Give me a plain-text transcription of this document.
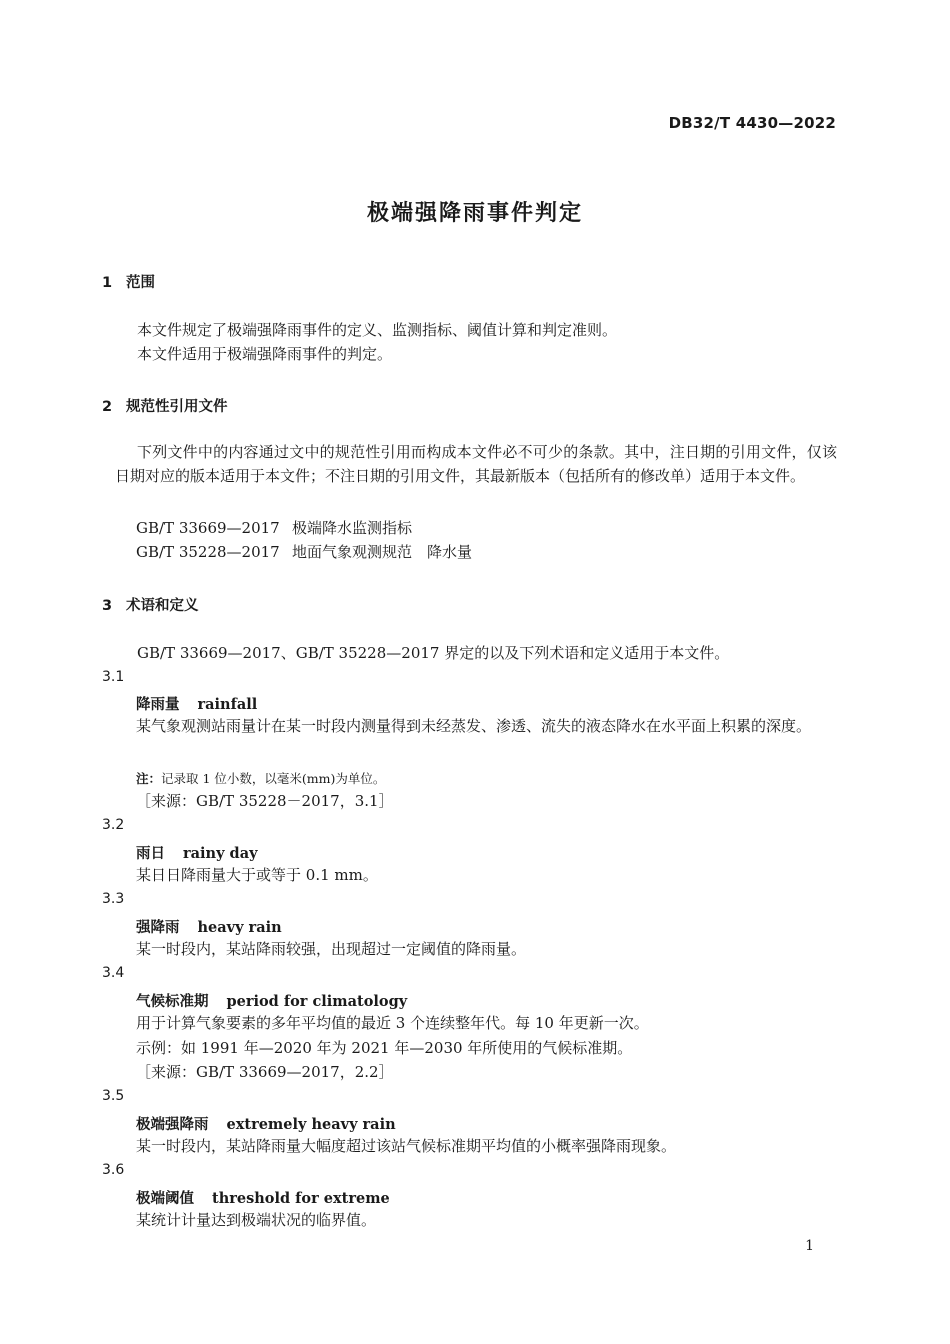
DB32/T 4430—2022
极端强降雨事件判定
1 范围
本文件规定了极端强降雨事件的定义、监测指标、阈值计算和判定准则。
本文件适用于极端强降雨事件的判定。
2 规范性引用文件
下列文件中的内容通过文中的规范性引用而构成本文件必不可少的条款。其中，注日期的引用文件，仅该日期对应的版本适用于本文件；不注日期的引用文件，其最新版本（包括所有的修改单）适用于本文件。
GB/T 33669—2017 极端降水监测指标
GB/T 35228—2017 地面气象观测规范　降水量
3 术语和定义
GB/T 33669—2017、GB/T 35228—2017 界定的以及下列术语和定义适用于本文件。
3.1
降雨量 rainfall
某气象观测站雨量计在某一时段内测量得到未经蒸发、渗透、流失的液态降水在水平面上积累的深度。
注：记录取 1 位小数，以毫米(mm)为单位。
［来源：GB/T 35228－2017，3.1］
3.2
雨日 rainy day
某日日降雨量大于或等于 0.1 mm。
3.3
强降雨 heavy rain
某一时段内，某站降雨较强，出现超过一定阈值的降雨量。
3.4
气候标准期 period for climatology
用于计算气象要素的多年平均值的最近 3 个连续整年代。每 10 年更新一次。
示例：如 1991 年—2020 年为 2021 年—2030 年所使用的气候标准期。
［来源：GB/T 33669—2017，2.2］
3.5
极端强降雨 extremely heavy rain
某一时段内，某站降雨量大幅度超过该站气候标准期平均值的小概率强降雨现象。
3.6
极端阈值 threshold for extreme
某统计计量达到极端状况的临界值。
1
